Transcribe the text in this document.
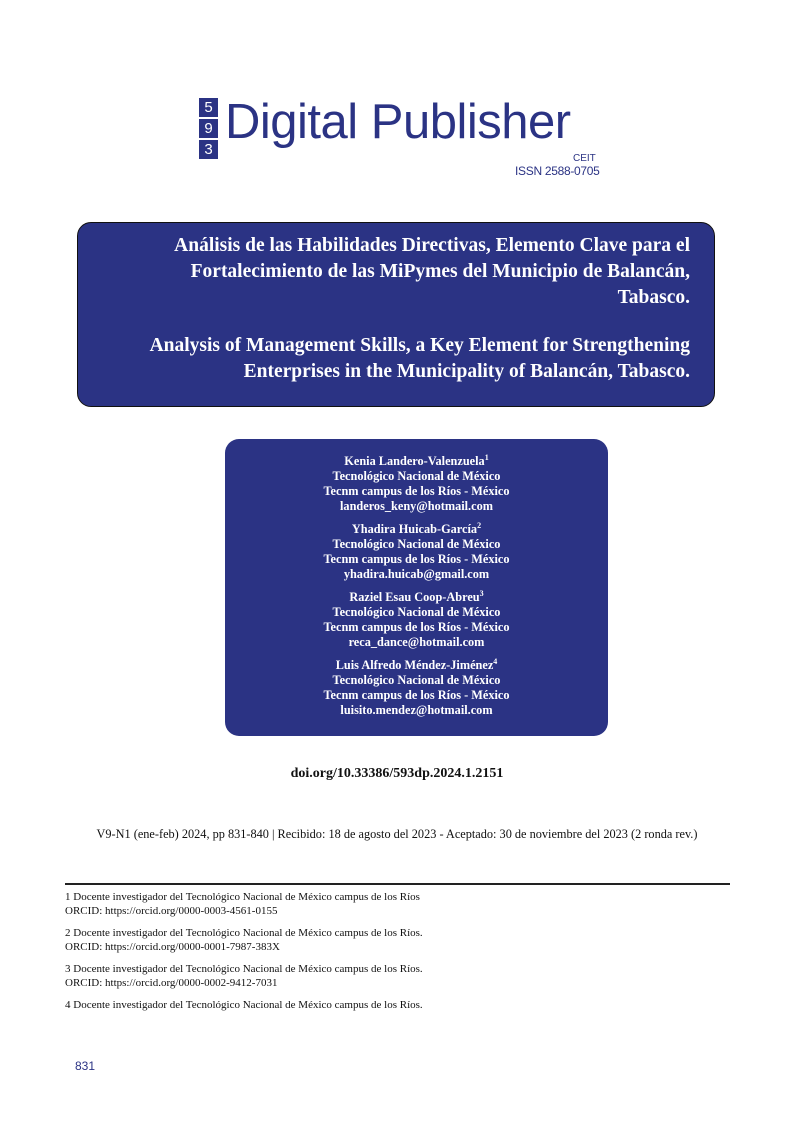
5
9
3
Digital Publisher
CEIT
ISSN 2588-0705

Análisis de las Habilidades Directivas, Elemento Clave para el
Fortalecimiento de las MiPymes del Municipio de Balancán,
Tabasco.

Analysis of Management Skills, a Key Element for Strengthening
Enterprises in the Municipality of Balancán, Tabasco.

Kenia Landero-Valenzuela$^1$
Tecnológico Nacional de México
Tecnm campus de los Ríos - México
landeros_keny@hotmail.com
Yhadira Huicab-García$^2$
Tecnológico Nacional de México
Tecnm campus de los Ríos - México
yhadira.huicab@gmail.com
Raziel Esau Coop-Abreu$^3$
Tecnológico Nacional de México
Tecnm campus de los Ríos - México
reca_dance@hotmail.com
Luis Alfredo Méndez-Jiménez$^4$
Tecnológico Nacional de México
Tecnm campus de los Ríos - México
luisito.mendez@hotmail.com
doi.org/10.33386/593dp.2024.1.2151
V9-N1 (ene-feb) 2024, pp 831-840 | Recibido: 18 de agosto del 2023 - Aceptado: 30 de noviembre del 2023 (2 ronda rev.)
1 Docente investigador del Tecnológico Nacional de México campus de los Ríos
ORCID: https://orcid.org/0000-0003-4561-0155
2 Docente investigador del Tecnológico Nacional de México campus de los Ríos.
ORCID: https://orcid.org/0000-0001-7987-383X
3 Docente investigador del Tecnológico Nacional de México campus de los Ríos.
ORCID: https://orcid.org/0000-0002-9412-7031
4 Docente investigador del Tecnológico Nacional de México campus de los Ríos.
831
